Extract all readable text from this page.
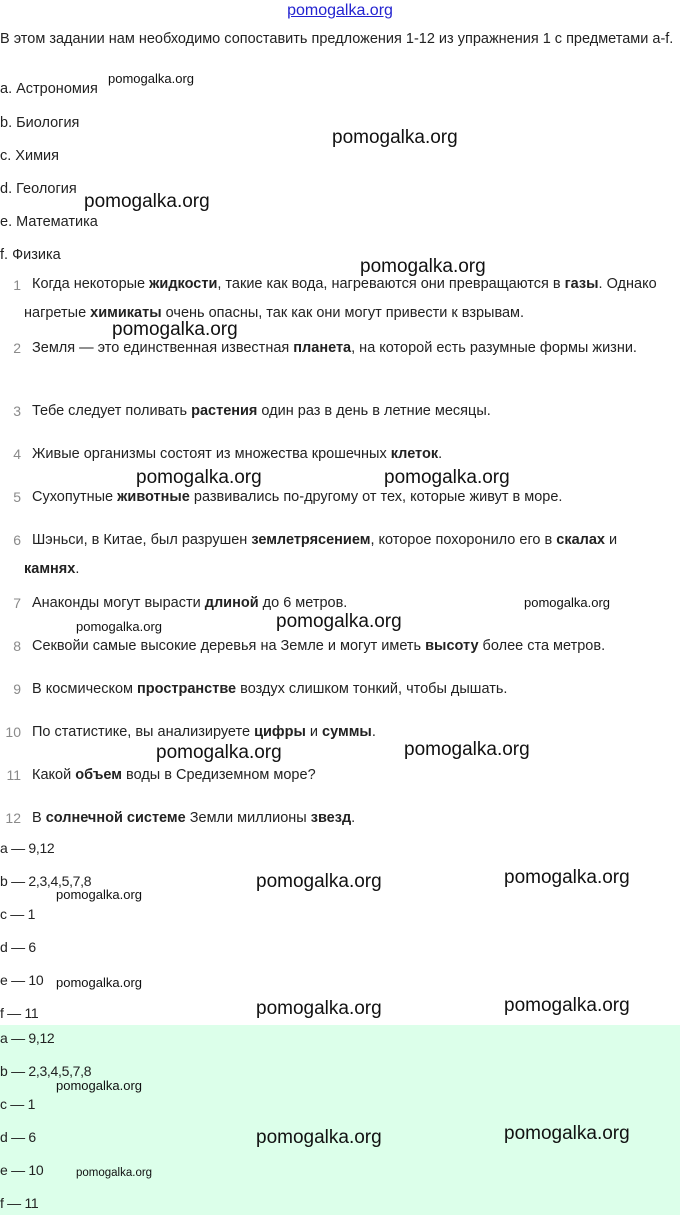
pomogalka.org

В этом задании нам необходимо сопоставить предложения 1-12 из упражнения 1 с предметами a-f.

a. Астрономия
b. Биология
c. Химия
d. Геология
e. Математика
f. Физика
1 Когда некоторые жидкости, такие как вода, нагреваются они превращаются в газы. Однако нагретые химикаты очень опасны, так как они могут привести к взрывам.
2 Земля — это единственная известная планета, на которой есть разумные формы жизни.
3 Тебе следует поливать растения один раз в день в летние месяцы.
4 Живые организмы состоят из множества крошечных клеток.
5 Сухопутные животные развивались по-другому от тех, которые живут в море.
6 Шэньси, в Китае, был разрушен землетрясением, которое похоронило его в скалах и камнях.
7 Анаконды могут вырасти длиной до 6 метров.
8 Секвойи самые высокие деревья на Земле и могут иметь высоту более ста метров.
9 В космическом пространстве воздух слишком тонкий, чтобы дышать.
10 По статистике, вы анализируете цифры и суммы.
11 Какой объем воды в Средиземном море?
12 В солнечной системе Земли миллионы звезд.
a — 9,12
b — 2,3,4,5,7,8
c — 1
d — 6
e — 10
f — 11
a — 9,12
b — 2,3,4,5,7,8
c — 1
d — 6
e — 10
f — 11
pomogalka.org
pomogalka.org
pomogalka.org
pomogalka.org
pomogalka.org
pomogalka.org	pomogalka.org
pomogalka.org
pomogalka.org	pomogalka.org
pomogalka.org	pomogalka.org
pomogalka.org
pomogalka.org	pomogalka.org
pomogalka.org
pomogalka.org	pomogalka.org
pomogalka.org
pomogalka.org	pomogalka.org
pomogalka.org
